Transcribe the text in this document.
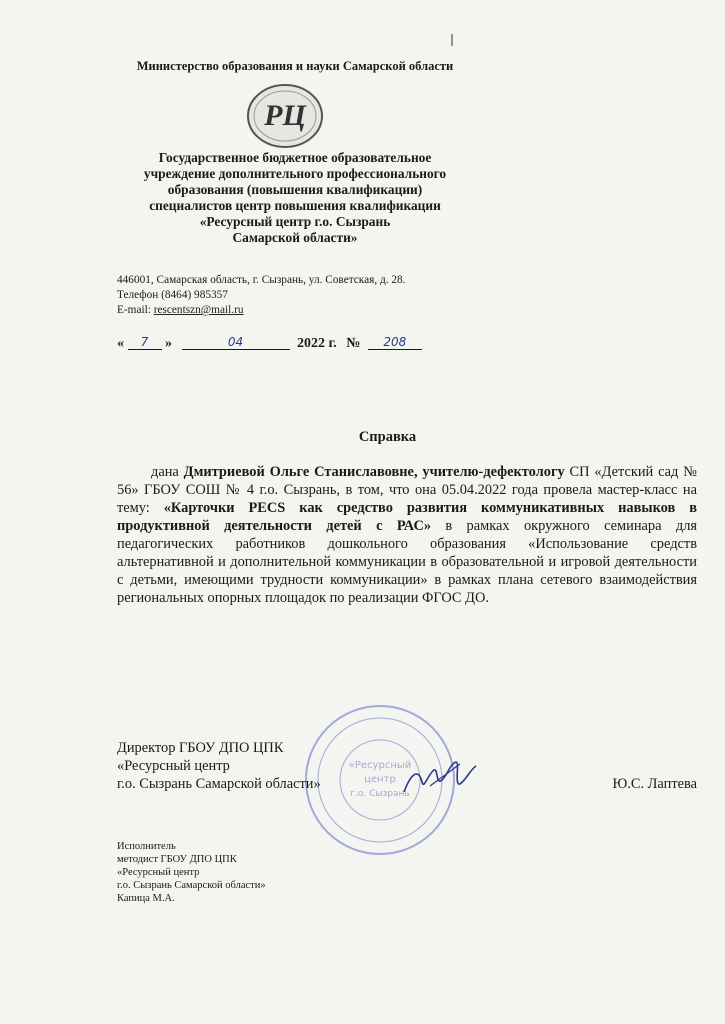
Министерство образования и науки Самарской области
РЦ
Государственное бюджетное образовательное
учреждение дополнительного профессионального
образования (повышения квалификации)
специалистов центр повышения квалификации
«Ресурсный центр г.о. Сызрань
Самарской области»
446001, Самарская область, г. Сызрань, ул. Советская, д. 28.
Телефон (8464) 985357
E-mail: rescentszn@mail.ru
« 7 »	04	2022 г. № 208
Справка

дана Дмитриевой Ольге Станиславовне, учителю-дефектологу СП «Детский сад № 56» ГБОУ СОШ № 4 г.о. Сызрань, в том, что она 05.04.2022 года провела мастер-класс на тему: «Карточки PECS как средство развития коммуникативных навыков в продуктивной деятельности детей с РАС» в рамках окружного семинара для педагогических работников дошкольного образования «Использование средств альтернативной и дополнительной коммуникации в образовательной и игровой деятельности с детьми, имеющими трудности коммуникации» в рамках плана сетевого взаимодействия региональных опорных площадок по реализации ФГОС ДО.

«Ресурсный
центр
г.о. Сызрань
Директор ГБОУ ДПО ЦПК
«Ресурсный центр
г.о. Сызрань Самарской области»	Ю.С. Лаптева
Исполнитель
методист ГБОУ ДПО ЦПК
«Ресурсный центр
г.о. Сызрань Самарской области»
Капица М.А.
